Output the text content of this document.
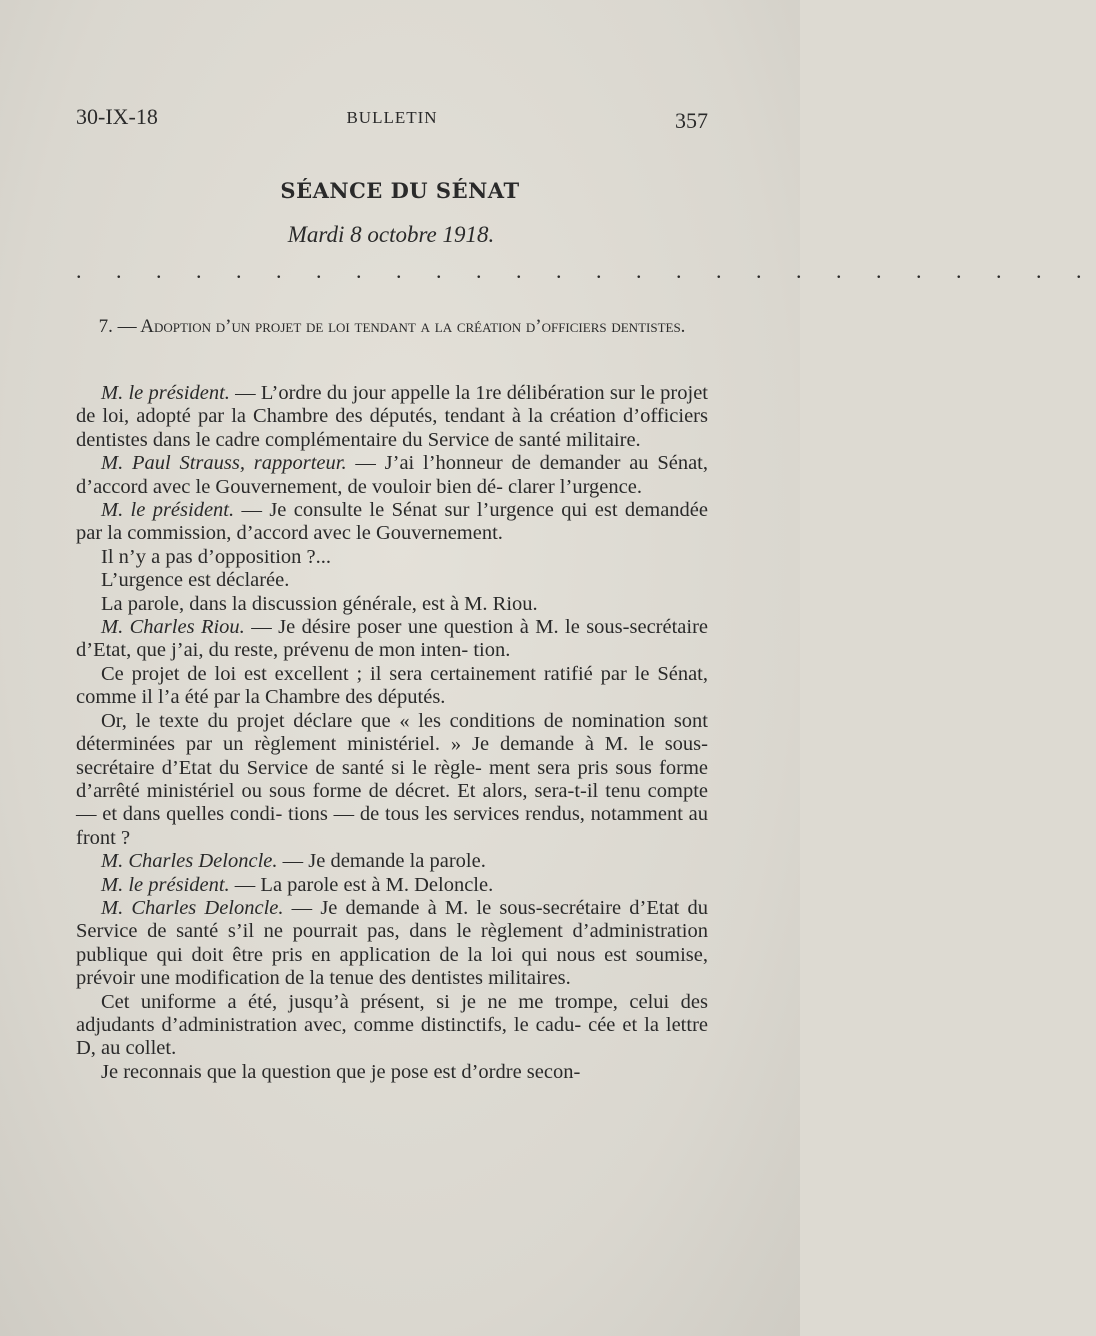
30-IX-18	BULLETIN	357
SÉANCE DU SÉNAT
Mardi 8 octobre 1918.
. . . . . . . . . . . . . . . . . . . . . . . . . .
7. — Adoption d’un projet de loi tendant a la création d’officiers dentistes.

M. le président. — L’ordre du jour appelle la 1re délibération sur le projet de loi, adopté par la Chambre des députés, tendant à la création d’officiers dentistes dans le cadre complémentaire du Service de santé militaire.

M. Paul Strauss, rapporteur. — J’ai l’honneur de demander au Sénat, d’accord avec le Gouvernement, de vouloir bien dé- clarer l’urgence.

M. le président. — Je consulte le Sénat sur l’urgence qui est demandée par la commission, d’accord avec le Gouvernement.

Il n’y a pas d’opposition ?...

L’urgence est déclarée.

La parole, dans la discussion générale, est à M. Riou.

M. Charles Riou. — Je désire poser une question à M. le sous-secrétaire d’Etat, que j’ai, du reste, prévenu de mon inten- tion.

Ce projet de loi est excellent ; il sera certainement ratifié par le Sénat, comme il l’a été par la Chambre des députés.

Or, le texte du projet déclare que « les conditions de nomination sont déterminées par un règlement ministériel. » Je demande à M. le sous-secrétaire d’Etat du Service de santé si le règle- ment sera pris sous forme d’arrêté ministériel ou sous forme de décret. Et alors, sera-t-il tenu compte — et dans quelles condi- tions — de tous les services rendus, notamment au front ?

M. Charles Deloncle. — Je demande la parole.

M. le président. — La parole est à M. Deloncle.

M. Charles Deloncle. — Je demande à M. le sous-secrétaire d’Etat du Service de santé s’il ne pourrait pas, dans le règlement d’administration publique qui doit être pris en application de la loi qui nous est soumise, prévoir une modification de la tenue des dentistes militaires.

Cet uniforme a été, jusqu’à présent, si je ne me trompe, celui des adjudants d’administration avec, comme distinctifs, le cadu- cée et la lettre D, au collet.

Je reconnais que la question que je pose est d’ordre secon-
